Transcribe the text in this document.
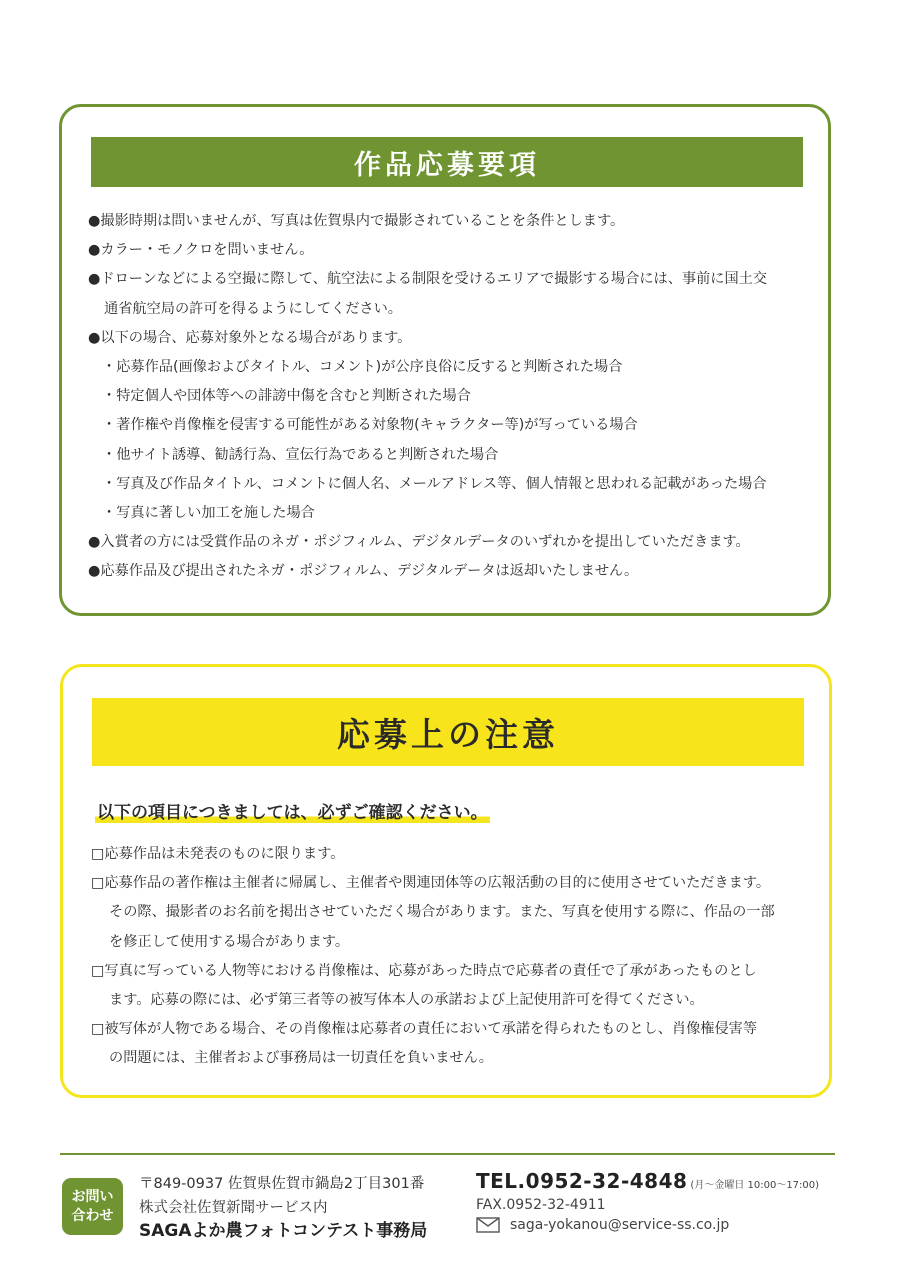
作品応募要項
●撮影時期は問いませんが、写真は佐賀県内で撮影されていることを条件とします。
●カラー・モノクロを問いません。
●ドローンなどによる空撮に際して、航空法による制限を受けるエリアで撮影する場合には、事前に国土交
通省航空局の許可を得るようにしてください。
●以下の場合、応募対象外となる場合があります。
・応募作品(画像およびタイトル、コメント)が公序良俗に反すると判断された場合
・特定個人や団体等への誹謗中傷を含むと判断された場合
・著作権や肖像権を侵害する可能性がある対象物(キャラクター等)が写っている場合
・他サイト誘導、勧誘行為、宣伝行為であると判断された場合
・写真及び作品タイトル、コメントに個人名、メールアドレス等、個人情報と思われる記載があった場合
・写真に著しい加工を施した場合
●入賞者の方には受賞作品のネガ・ポジフィルム、デジタルデータのいずれかを提出していただきます。
●応募作品及び提出されたネガ・ポジフィルム、デジタルデータは返却いたしません。
応募上の注意
以下の項目につきましては、必ずご確認ください。
□応募作品は未発表のものに限ります。
□応募作品の著作権は主催者に帰属し、主催者や関連団体等の広報活動の目的に使用させていただきます。
その際、撮影者のお名前を掲出させていただく場合があります。また、写真を使用する際に、作品の一部
を修正して使用する場合があります。
□写真に写っている人物等における肖像権は、応募があった時点で応募者の責任で了承があったものとし
ます。応募の際には、必ず第三者等の被写体本人の承諾および上記使用許可を得てください。
□被写体が人物である場合、その肖像権は応募者の責任において承諾を得られたものとし、肖像権侵害等
の問題には、主催者および事務局は一切責任を負いません。
お問い
合わせ
〒849-0937 佐賀県佐賀市鍋島2丁目301番
株式会社佐賀新聞サービス内
SAGAよか農フォトコンテスト事務局
TEL.0952-32-4848 (月～金曜日 10:00～17:00)
FAX.0952-32-4911
saga-yokanou@service-ss.co.jp
